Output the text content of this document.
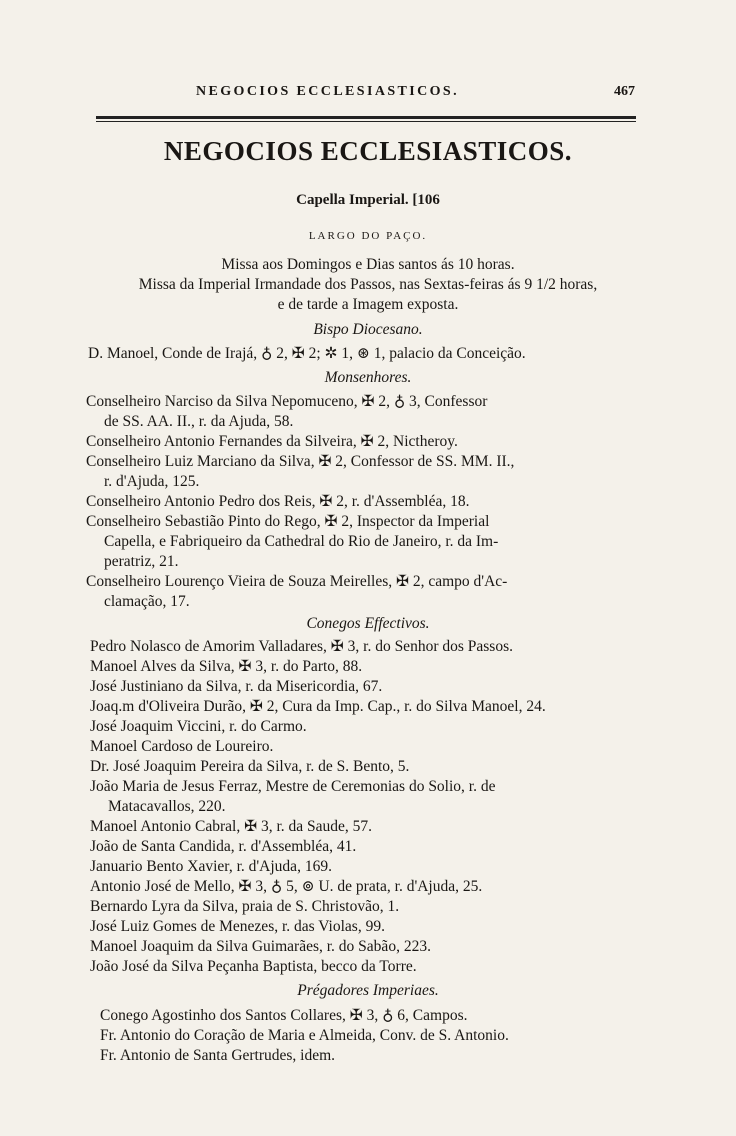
NEGOCIOS ECCLESIASTICOS.	467
NEGOCIOS ECCLESIASTICOS.
Capella Imperial. [106
LARGO DO PAÇO.
Missa aos Domingos e Dias santos ás 10 horas.
Missa da Imperial Irmandade dos Passos, nas Sextas-feiras ás 9 1/2 horas,
e de tarde a Imagem exposta.
Bispo Diocesano.
D. Manoel, Conde de Irajá, ♁ 2, ✠ 2; ✲ 1, ⊛ 1, palacio da Conceição.
Monsenhores.
Conselheiro Narciso da Silva Nepomuceno, ✠ 2, ♁ 3, Confessor
de SS. AA. II., r. da Ajuda, 58.
Conselheiro Antonio Fernandes da Silveira, ✠ 2, Nictheroy.
Conselheiro Luiz Marciano da Silva, ✠ 2, Confessor de SS. MM. II.,
r. d'Ajuda, 125.
Conselheiro Antonio Pedro dos Reis, ✠ 2, r. d'Assembléa, 18.
Conselheiro Sebastião Pinto do Rego, ✠ 2, Inspector da Imperial
Capella, e Fabriqueiro da Cathedral do Rio de Janeiro, r. da Im-
peratriz, 21.
Conselheiro Lourenço Vieira de Souza Meirelles, ✠ 2, campo d'Ac-
clamação, 17.
Conegos Effectivos.
Pedro Nolasco de Amorim Valladares, ✠ 3, r. do Senhor dos Passos.
Manoel Alves da Silva, ✠ 3, r. do Parto, 88.
José Justiniano da Silva, r. da Misericordia, 67.
Joaq.m d'Oliveira Durão, ✠ 2, Cura da Imp. Cap., r. do Silva Manoel, 24.
José Joaquim Viccini, r. do Carmo.
Manoel Cardoso de Loureiro.
Dr. José Joaquim Pereira da Silva, r. de S. Bento, 5.
João Maria de Jesus Ferraz, Mestre de Ceremonias do Solio, r. de
Matacavallos, 220.
Manoel Antonio Cabral, ✠ 3, r. da Saude, 57.
João de Santa Candida, r. d'Assembléa, 41.
Januario Bento Xavier, r. d'Ajuda, 169.
Antonio José de Mello, ✠ 3, ♁ 5, ⊚ U. de prata, r. d'Ajuda, 25.
Bernardo Lyra da Silva, praia de S. Christovão, 1.
José Luiz Gomes de Menezes, r. das Violas, 99.
Manoel Joaquim da Silva Guimarães, r. do Sabão, 223.
João José da Silva Peçanha Baptista, becco da Torre.
Prégadores Imperiaes.
Conego Agostinho dos Santos Collares, ✠ 3, ♁ 6, Campos.
Fr. Antonio do Coração de Maria e Almeida, Conv. de S. Antonio.
Fr. Antonio de Santa Gertrudes, idem.
